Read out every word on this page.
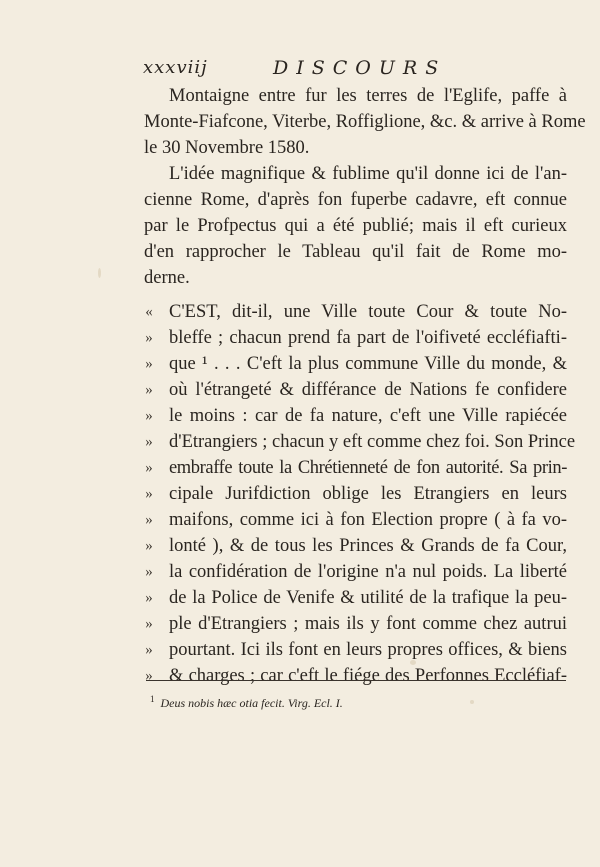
xxxviij	DISCOURS
Montaigne entre fur les terres de l'Eglife, paffe à
Monte-Fiafcone, Viterbe, Roffiglione, &c. & arrive à Rome
le 30 Novembre 1580.
L'idée magnifique & fublime qu'il donne ici de l'an-
cienne Rome, d'après fon fuperbe cadavre, eft connue
par le Profpectus qui a été publié; mais il eft curieux
d'en rapprocher le Tableau qu'il fait de Rome mo-
derne.
« C'EST, dit-il, une Ville toute Cour & toute No-
» bleffe ; chacun prend fa part de l'oifiveté eccléfiafti-
» que ¹ . . . C'eft la plus commune Ville du monde, &
» où l'étrangeté & différance de Nations fe confidere
» le moins : car de fa nature, c'eft une Ville rapiécée
» d'Etrangiers ; chacun y eft comme chez foi. Son Prince
» embraffe toute la Chrétienneté de fon autorité. Sa prin-
» cipale Jurifdiction oblige les Etrangiers en leurs
» maifons, comme ici à fon Election propre ( à fa vo-
» lonté ), & de tous les Princes & Grands de fa Cour,
» la confidération de l'origine n'a nul poids. La liberté
» de la Police de Venife & utilité de la trafique la peu-
» ple d'Etrangiers ; mais ils y font comme chez autrui
» pourtant. Ici ils font en leurs propres offices, & biens
» & charges ; car c'eft le fiége des Perfonnes Eccléfiaf-
$^1$ Deus nobis hæc otia fecit. Virg. Ecl. I.
